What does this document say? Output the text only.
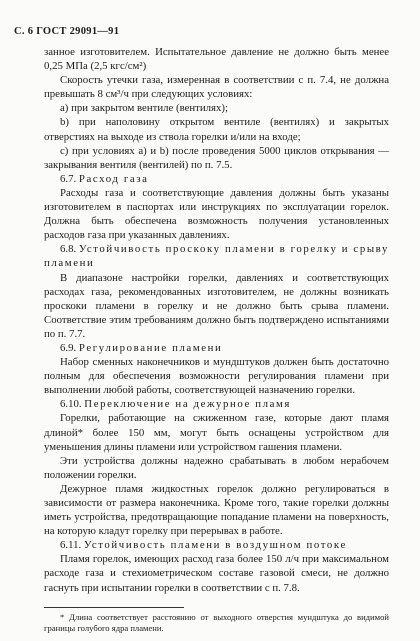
С. 6 ГОСТ 29091—91

занное изготовителем. Испытательное давление не должно быть менее 0,25 МПа (2,5 кгс/см²)

Скорость утечки газа, измеренная в соответствии с п. 7.4, не должна превышать 8 см³/ч при следующих условиях:

а) при закрытом вентиле (вентилях);

b) при наполовину открытом вентиле (вентилях) и закрытых отверстиях на выходе из ствола горелки и/или на входе;

c) при условиях а) и b) после проведения 5000 циклов открывания — закрывания вентиля (вентилей) по п. 7.5.

6.7. Расход газа

Расходы газа и соответствующие давления должны быть указаны изготовителем в паспортах или инструкциях по эксплуатации горелок. Должна быть обеспечена возможность получения установленных расходов газа при указанных давлениях.

6.8. Устойчивость проскоку пламени в горелку и срыву пламени

В диапазоне настройки горелки, давлениях и соответствующих расходах газа, рекомендованных изготовителем, не должны возникать проскоки пламени в горелку и не должно быть срыва пламени. Соответствие этим требованиям должно быть подтверждено испытаниями по п. 7.7.

6.9. Регулирование пламени

Набор сменных наконечников и мундштуков должен быть достаточно полным для обеспечения возможности регулирования пламени при выполнении любой работы, соответствующей назначению горелки.

6.10. Переключение на дежурное пламя

Горелки, работающие на сжиженном газе, которые дают пламя длиной* более 150 мм, могут быть оснащены устройством для уменьшения длины пламени или устройством гашения пламени.

Эти устройства должны надежно срабатывать в любом нерабочем положении горелки.

Дежурное пламя жидкостных горелок должно регулироваться в зависимости от размера наконечника. Кроме того, такие горелки должны иметь устройства, предотвращающие попадание пламени на поверхность, на которую кладут горелку при перерывах в работе.

6.11. Устойчивость пламени в воздушном потоке

Пламя горелок, имеющих расход газа более 150 л/ч при максимальном расходе газа и стехиометрическом составе газовой смеси, не должно гаснуть при испытании горелки в соответствии с п. 7.8.

* Длина соответствует расстоянию от выходного отверстия мундштука до видимой границы голубого ядра пламени.
